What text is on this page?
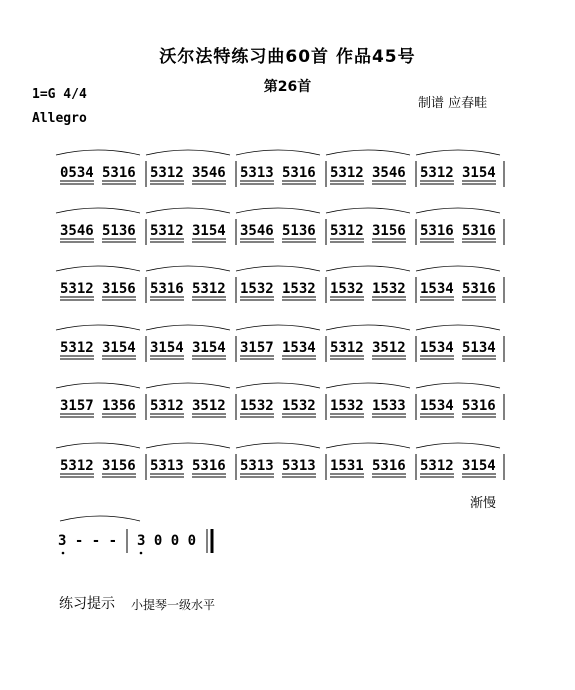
沃尔法特练习曲60首 作品45号
第26首
1=G 4/4
制谱 应春畦
Allegro
0534 5316 5312 3546 5313 5316 5312 3546 5312 3154
3546 5136 5312 3154 3546 5136 5312 3156 5316 5316
5312 3156 5316 5312 1532 1532 1532 1532 1534 5316
5312 3154 3154 3154 3157 1534 5312 3512 1534 5134
3157 1356 5312 3512 1532 1532 1532 1533 1534 5316
5312 3156 5313 5316 5313 5313 1531 5316 5312 3154
3 - - - 3 0 0 0
渐慢
练习提示 小提琴一级水平
